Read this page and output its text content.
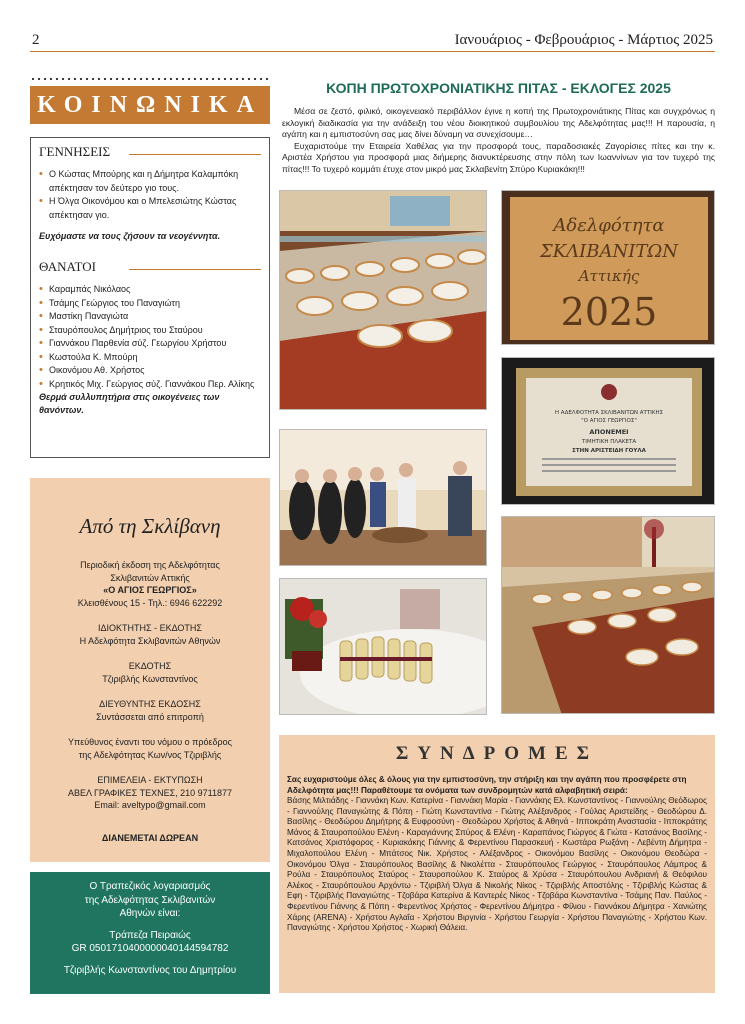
2	Ιανουάριος - Φεβρουάριος - Μάρτιος 2025
ΚΟΙΝΩΝΙΚΑ
ΓΕΝΝΗΣΕΙΣ
• Ο Κώστας Μπούρης και η Δήμητρα Καλαμπόκη απέκτησαν τον δεύτερο γιο τους.
• Η Όλγα Οικονόμου και ο Μπελεσιώτης Κώστας απέκτησαν γιο.
Ευχόμαστε να τους ζήσουν τα νεογέννητα.
ΘΑΝΑΤΟΙ
• Καραμπάς Νικόλαος
• Τσάμης Γεώργιος του Παναγιώτη
• Μαστίκη Παναγιώτα
• Σταυρόπουλος Δημήτριος του Σταύρου
• Γιαννάκου Παρθενία σύζ. Γεωργίου Χρήστου
• Κωστούλα Κ. Μπούρη
• Οικονόμου Αθ. Χρήστος
• Κρητικός Μιχ. Γεώργιος σύζ. Γιαννάκου Περ. Αλίκης
Θερμά συλλυπητήρια στις οικογένειες των θανόντων.
Από τη Σκλίβανη

Περιοδική έκδοση της Αδελφότητας

Σκλιβανιτών Αττικής

«Ο ΑΓΙΟΣ ΓΕΩΡΓΙΟΣ»

Κλεισθένους 15 - Τηλ.: 6946 622292

ΙΔΙΟΚΤΗΤΗΣ - ΕΚΔΟΤΗΣ

Η Αδελφότητα Σκλιβανιτών Αθηνών

ΕΚΔΟΤΗΣ

Τζιριβλής Κωνσταντίνος

ΔΙΕΥΘΥΝΤΗΣ ΕΚΔΟΣΗΣ

Συντάσσεται από επιτροπή

Υπεύθυνος έναντι του νόμου ο πρόεδρος

της Αδελφότητας Κων/νος Τζιριβλής

ΕΠΙΜΕΛΕΙΑ - ΕΚΤΥΠΩΣΗ

ΑΒΕΛ ΓΡΑΦΙΚΕΣ ΤΕΧΝΕΣ, 210 9711877

Email: aveltypo@gmail.com

ΔΙΑΝΕΜΕΤΑΙ ΔΩΡΕΑΝ

Ο Τραπεζικός λογαριασμός

της Αδελφότητας Σκλιβανιτών

Αθηνών είναι:

Τράπεζα Πειραιώς

GR 0501710400000040144594782

Τζιριβλής Κωνσταντίνος του Δημητρίου

ΚΟΠΗ ΠΡΩΤΟΧΡΟΝΙΑΤΙΚΗΣ ΠΙΤΑΣ - ΕΚΛΟΓΕΣ 2025

Μέσα σε ζεστό, φιλικό, οικογενειακό περιβάλλον έγινε η κοπή της Πρωτοχρονιάτικης Πίτας και συγχρόνως η εκλογική διαδικασία για την ανάδειξη του νέου διοικητικού συμβουλίου της Αδελφότητας μας!!! Η παρουσία, η αγάπη και η εμπιστοσύνη σας μας δίνει δύναμη να συνεχίσουμε…

Ευχαριστούμε την Εταιρεία Χαθέλας για την προσφορά τους, παραδοσιακές Ζαγορίσιες πίτες και την κ. Αριστέα Χρήστου για προσφορά μιας διήμερης διανυκτέρευσης στην πόλη των Ιωαννίνων για τον τυχερό της πίτας!!! Το τυχερό κομμάτι έτυχε στον μικρό μας Σκλαβενίτη Σπύρο Κυριακάκη!!!

Αδελφότητα
ΣΚΛΙΒΑΝΙΤΩΝ
Αττικής
2025
Η ΑΔΕΛΦΟΤΗΤΑ ΣΚΛΙΒΑΝΙΤΩΝ ΑΤΤΙΚΗΣ
"Ο ΑΓΙΟΣ ΓΕΩΡΓΙΟΣ"
ΑΠΟΝΕΜΕΙ
ΤΙΜΗΤΙΚΗ ΠΛΑΚΕΤΑ
ΣΤΗΝ ΑΡΙΣΤΕΙΔΗ ΓΟΥΛΑ
ΣΥΝΔΡΟΜΕΣ
Σας ευχαριστούμε όλες & όλους για την εμπιστοσύνη, την στήριξη και την αγάπη που προσφέρετε στη Αδελφότητα μας!!! Παραθέτουμε τα ονόματα των συνδρομητών κατά αλφαβητική σειρά:
Βάσης Μιλτιάδης - Γιαννάκη Κων. Κατερίνα - Γιαννάκη Μαρία - Γιαννάκης Ελ. Κωνσταντίνος - Γιαννούλης Θεόδωρος - Γιαννούλης Παναγιώτης & Πόπη - Γιώτη Κωνσταντίνα - Γιώτης Αλέξανδρος - Γούλας Αριστείδης - Θεοδώρου Δ. Βασίλης - Θεοδώρου Δημήτρης & Ευφροσύνη - Θεοδώρου Χρήστος & Αθηνά - Ιπποκράτη Αναστασία - Ιπποκράτης Μάνος & Σταυροπούλου Ελένη - Καραγιάννης Σπύρος & Ελένη - Καραπάνος Γιώργος & Γιώτα - Κατσάνος Βασίλης - Κατσάνος Χριστόφορος - Κυριακάκης Γιάννης & Φερεντίνου Παρασκευή - Κωστάρα Ρωξάνη - Λεβέντη Δήμητρα - Μιχαλοπούλου Ελένη - Μπάτσος Νικ. Χρήστος - Αλέξανδρος - Οικονόμου Βασίλης - Οικονόμου Θεοδώρα - Οικονόμου Όλγα - Σταυρόπουλος Βασίλης & Νικολέττα - Σταυρόπουλος Γεώργιος - Σταυρόπουλος Λάμπρος & Ρούλα - Σταυρόπουλος Σταύρος - Σταυροπούλου Κ. Σταύρος & Χρύσα - Σταυρόπουλου Ανδριανή & Θεόφιλου Αλέκος - Σταυρόπουλου Αρχόντω - Τζιριβλή Όλγα & Νικολής Νίκος - Τζιριβλής Αποστόλης - Τζιριβλής Κώστας & Εφη - Τζιριβλής Παναγιώτης - Τζοβάρα Κατερίνα & Καντερές Νίκος - Τζοβάρα Κωνσταντίνα - Τσάμης Παν. Παύλος - Φερεντίνου Γιάννης & Πόπη - Φερεντίνος Χρήστος - Φερεντίνου Δήμητρα - Φίλιου - Γιαννάκου Δήμητρα - Χανιώτης Χάρης (ARENA) - Χρήστου Αγλαΐα - Χρήστου Βιργινία - Χρήστου Γεωργία - Χρήστου Παναγιώτης - Χρήστου Κων. Παναγιώτης - Χρήστου Χρήστος - Χωρική Θάλεια.
